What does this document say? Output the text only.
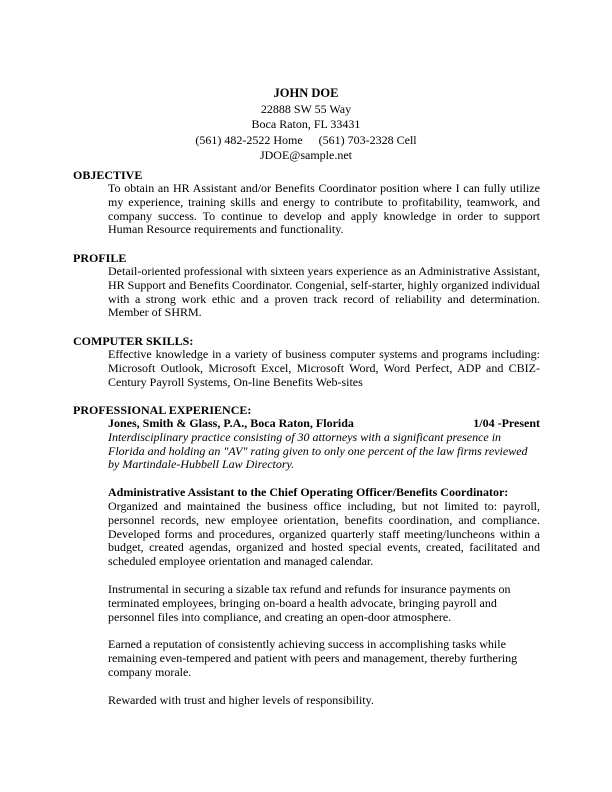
JOHN DOE
22888 SW 55 Way
Boca Raton, FL 33431
(561) 482-2522 Home (561) 703-2328 Cell
JDOE@sample.net
OBJECTIVE

To obtain an HR Assistant and/or Benefits Coordinator position where I can fully utilize my experience, training skills and energy to contribute to profitability, teamwork, and company success. To continue to develop and apply knowledge in order to support Human Resource requirements and functionality.

PROFILE

Detail-oriented professional with sixteen years experience as an Administrative Assistant, HR Support and Benefits Coordinator. Congenial, self-starter, highly organized individual with a strong work ethic and a proven track record of reliability and determination. Member of SHRM.

COMPUTER SKILLS:

Effective knowledge in a variety of business computer systems and programs including: Microsoft Outlook, Microsoft Excel, Microsoft Word, Word Perfect, ADP and CBIZ-Century Payroll Systems, On-line Benefits Web-sites

PROFESSIONAL EXPERIENCE:
Jones, Smith & Glass, P.A., Boca Raton, Florida	1/04 -Present

Interdisciplinary practice consisting of 30 attorneys with a significant presence in Florida and holding an "AV" rating given to only one percent of the law firms reviewed by Martindale-Hubbell Law Directory.

Administrative Assistant to the Chief Operating Officer/Benefits Coordinator:

Organized and maintained the business office including, but not limited to: payroll, personnel records, new employee orientation, benefits coordination, and compliance. Developed forms and procedures, organized quarterly staff meeting/luncheons within a budget, created agendas, organized and hosted special events, created, facilitated and scheduled employee orientation and managed calendar.

Instrumental in securing a sizable tax refund and refunds for insurance payments on terminated employees, bringing on-board a health advocate, bringing payroll and personnel files into compliance, and creating an open-door atmosphere.

Earned a reputation of consistently achieving success in accomplishing tasks while remaining even-tempered and patient with peers and management, thereby furthering company morale.

Rewarded with trust and higher levels of responsibility.
